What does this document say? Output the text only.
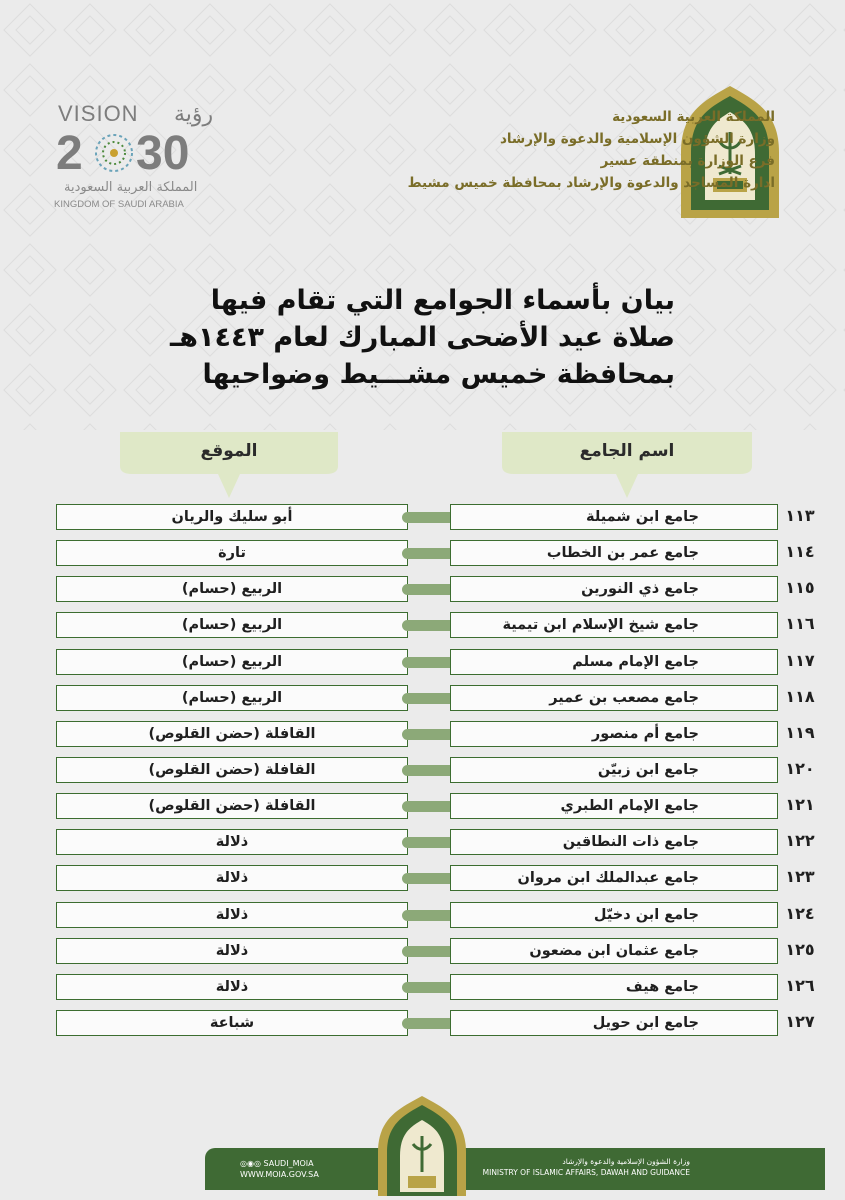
المملكة العربية السعودية
وزارة الشؤون الإسلامية والدعوة والإرشاد
فرع الوزارة بمنطقة عسير
ادارة المساجد والدعوة والإرشاد بمحافظة خميس مشيط
VISION رؤية
2 30
المملكة العربية السعودية
KINGDOM OF SAUDI ARABIA
بيان بأسماء الجوامع التي تقام فيها
صلاة عيد الأضحى المبارك لعام ١٤٤٣هـ
بمحافظة خميس مشـــيط وضواحيها
الموقع	اسم الجامع
أبو سليك والريان	جامع ابن شميلة	١١٣
تارة	جامع عمر بن الخطاب	١١٤
الربيع (حسام)	جامع ذي النورين	١١٥
الربيع (حسام)	جامع شيخ الإسلام ابن تيمية	١١٦
الربيع (حسام)	جامع الإمام مسلم	١١٧
الربيع (حسام)	جامع مصعب بن عمير	١١٨
القافلة (حضن القلوص)	جامع أم منصور	١١٩
القافلة (حضن القلوص)	جامع ابن زبيّن	١٢٠
القافلة (حضن القلوص)	جامع الإمام الطبري	١٢١
ذلالة	جامع ذات النطاقين	١٢٢
ذلالة	جامع عبدالملك ابن مروان	١٢٣
ذلالة	جامع ابن دخيّل	١٢٤
ذلالة	جامع عثمان ابن مضعون	١٢٥
ذلالة	جامع هيف	١٢٦
شباعة	جامع ابن حويل	١٢٧
◎◉◎ SAUDI_MOIA
WWW.MOIA.GOV.SA
وزارة الشؤون الإسلامية والدعوة والإرشاد
MINISTRY OF ISLAMIC AFFAIRS, DAWAH AND GUIDANCE
